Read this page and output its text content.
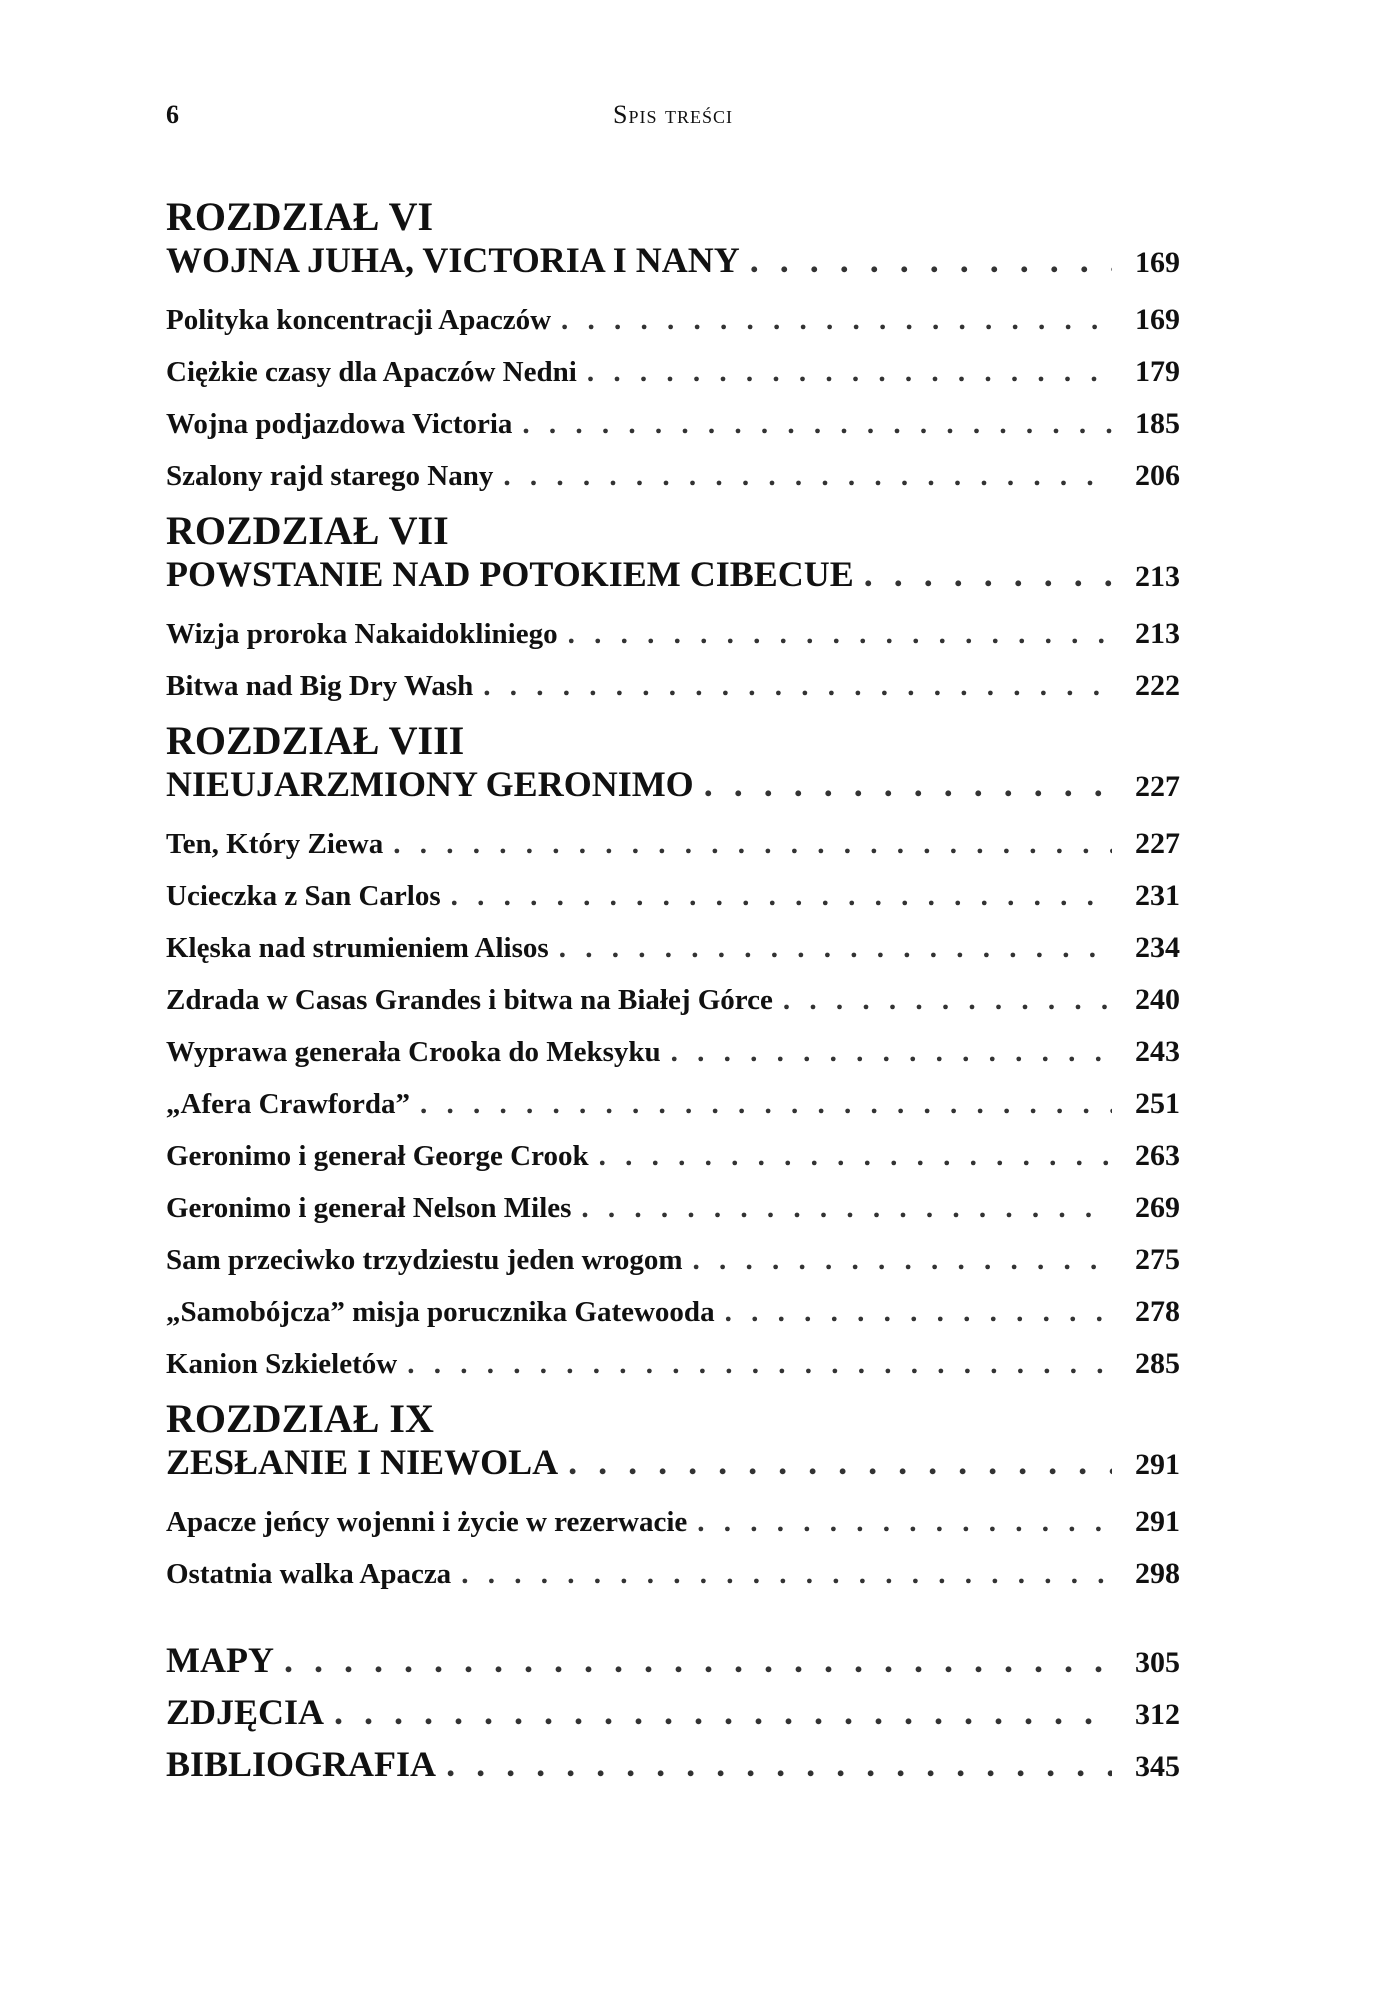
6	Spis treści
ROZDZIAŁ VI
WOJNA JUHA, VICTORIA I NANY . . .	169
Polityka koncentracji Apaczów . . .	169
Ciężkie czasy dla Apaczów Nedni . . .	179
Wojna podjazdowa Victoria . . .	185
Szalony rajd starego Nany . . .	206
ROZDZIAŁ VII
POWSTANIE NAD POTOKIEM CIBECUE . . .	213
Wizja proroka Nakaidokliniego . . .	213
Bitwa nad Big Dry Wash . . .	222
ROZDZIAŁ VIII
NIEUJARZMIONY GERONIMO . . .	227
Ten, Który Ziewa . . .	227
Ucieczka z San Carlos . . .	231
Klęska nad strumieniem Alisos . . .	234
Zdrada w Casas Grandes i bitwa na Białej Górce . . .	240
Wyprawa generała Crooka do Meksyku . . .	243
„Afera Crawforda” . . .	251
Geronimo i generał George Crook . . .	263
Geronimo i generał Nelson Miles . . .	269
Sam przeciwko trzydziestu jeden wrogom . . .	275
„Samobójcza” misja porucznika Gatewooda . . .	278
Kanion Szkieletów . . .	285
ROZDZIAŁ IX
ZESŁANIE I NIEWOLA . . .	291
Apacze jeńcy wojenni i życie w rezerwacie . . .	291
Ostatnia walka Apacza . . .	298
MAPY . . .	305
ZDJĘCIA . . .	312
BIBLIOGRAFIA . . .	345
